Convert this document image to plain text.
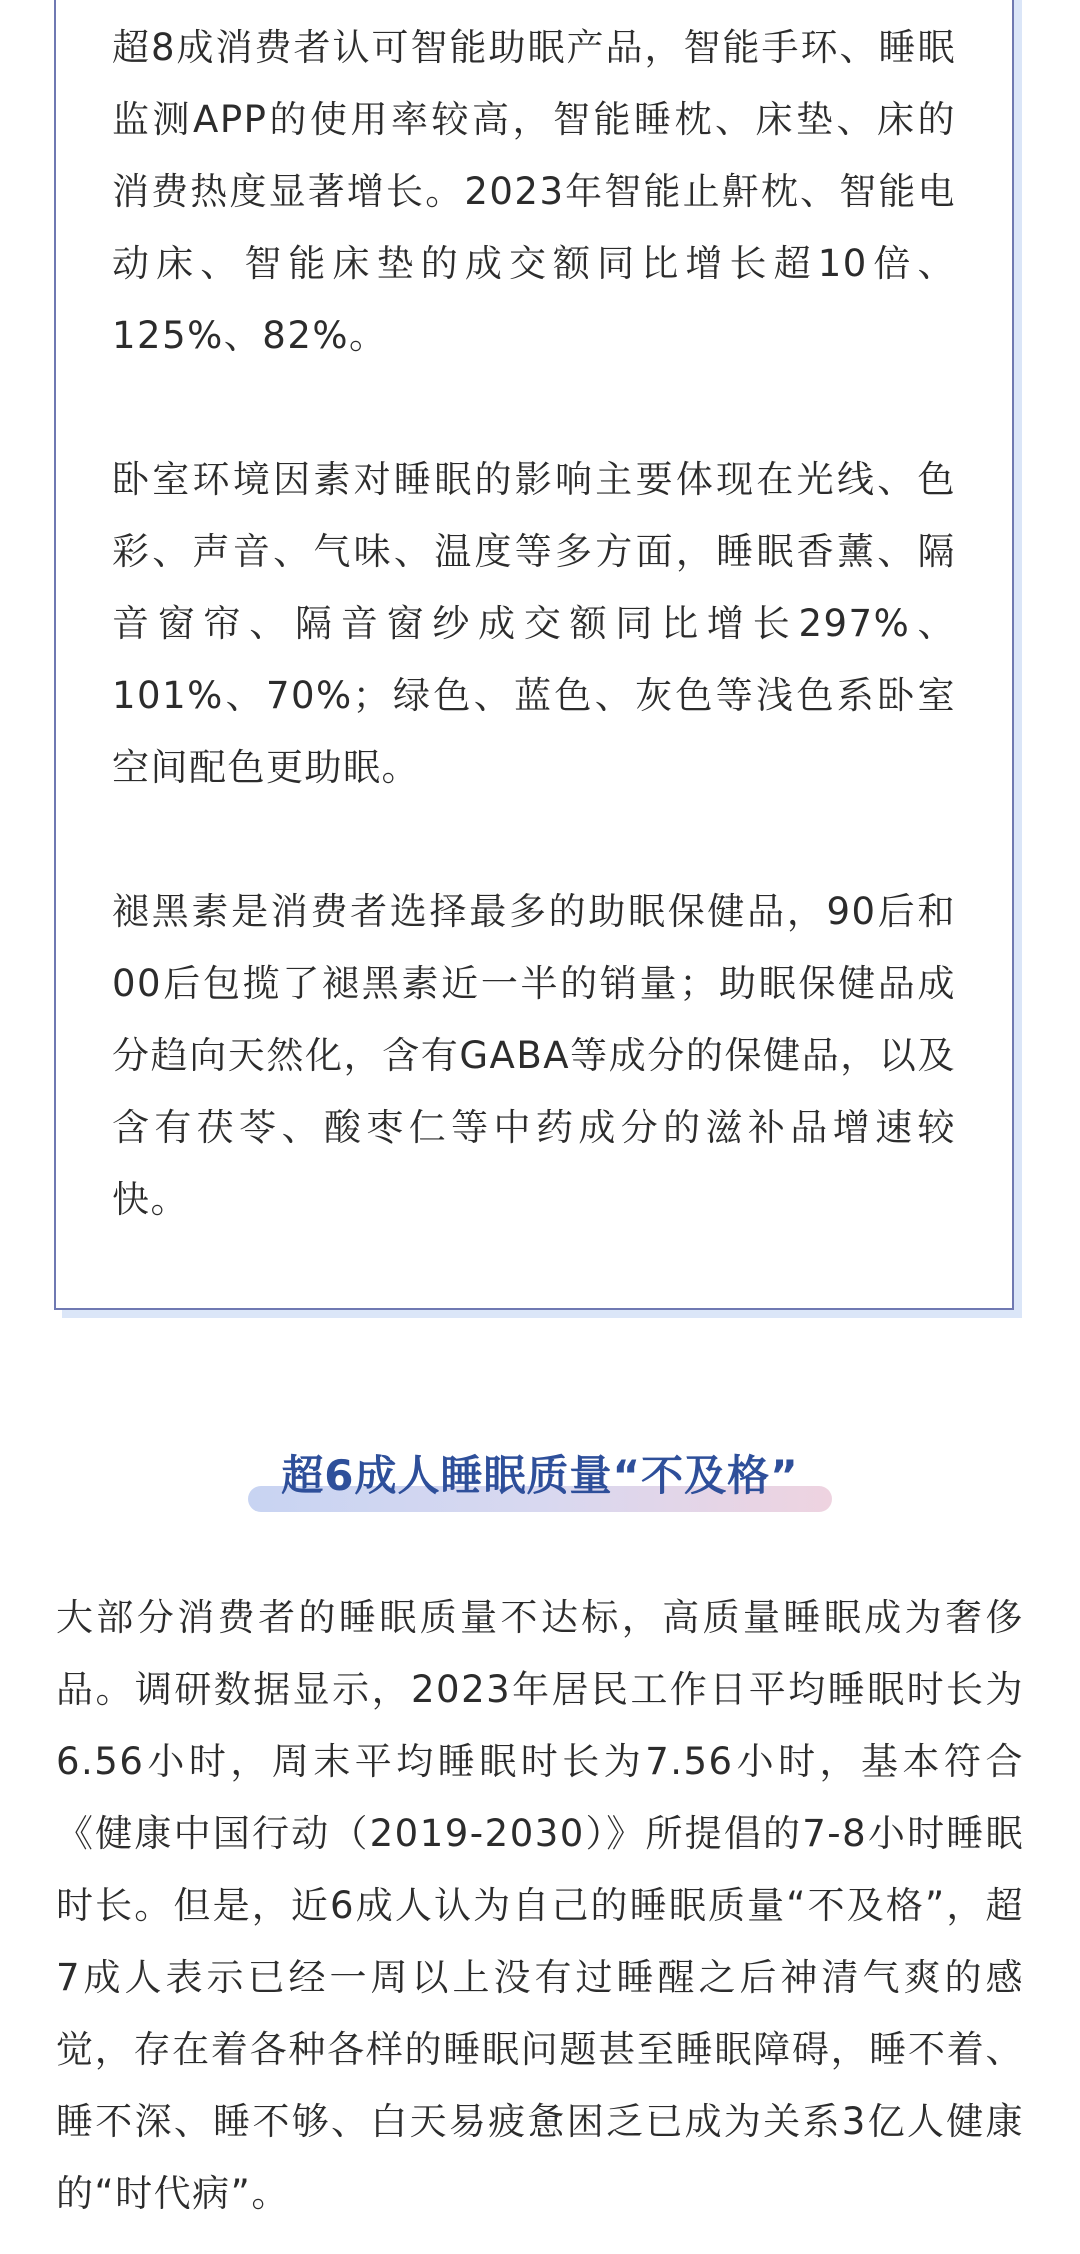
超8成消费者认可智能助眠产品，智能手环、睡眠监测APP的使用率较高，智能睡枕、床垫、床的消费热度显著增长。2023年智能止鼾枕、智能电动床、智能床垫的成交额同比增长超10倍、125%、82%。

卧室环境因素对睡眠的影响主要体现在光线、色彩、声音、气味、温度等多方面，睡眠香薰、隔音窗帘、隔音窗纱成交额同比增长297%、101%、70%；绿色、蓝色、灰色等浅色系卧室空间配色更助眠。

褪黑素是消费者选择最多的助眠保健品，90后和00后包揽了褪黑素近一半的销量；助眠保健品成分趋向天然化，含有GABA等成分的保健品，以及含有茯苓、酸枣仁等中药成分的滋补品增速较快。

超6成人睡眠质量“不及格”

大部分消费者的睡眠质量不达标，高质量睡眠成为奢侈品。调研数据显示，2023年居民工作日平均睡眠时长为6.56小时，周末平均睡眠时长为7.56小时，基本符合《健康中国行动（2019-2030）》所提倡的7-8小时睡眠时长。但是，近6成人认为自己的睡眠质量“不及格”，超7成人表示已经一周以上没有过睡醒之后神清气爽的感觉，存在着各种各样的睡眠问题甚至睡眠障碍，睡不着、睡不深、睡不够、白天易疲惫困乏已成为关系3亿人健康的“时代病”。
